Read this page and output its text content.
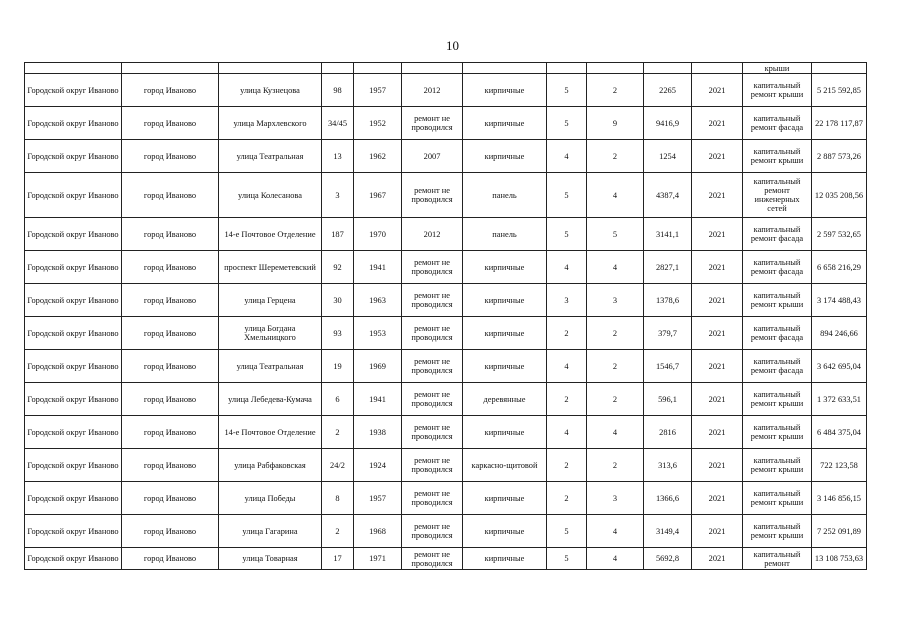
10
											крыши	
Городской округ Иваново	город Иваново	улица Кузнецова	98	1957	2012	кирпичные	5	2	2265	2021	капитальный ремонт крыши	5 215 592,85
Городской округ Иваново	город Иваново	улица Мархлевского	34/45	1952	ремонт не проводился	кирпичные	5	9	9416,9	2021	капитальный ремонт фасада	22 178 117,87
Городской округ Иваново	город Иваново	улица Театральная	13	1962	2007	кирпичные	4	2	1254	2021	капитальный ремонт крыши	2 887 573,26
Городской округ Иваново	город Иваново	улица Колесанова	3	1967	ремонт не проводился	панель	5	4	4387,4	2021	капитальный ремонт инженерных сетей	12 035 208,56
Городской округ Иваново	город Иваново	14-е Почтовое Отделение	187	1970	2012	панель	5	5	3141,1	2021	капитальный ремонт фасада	2 597 532,65
Городской округ Иваново	город Иваново	проспект Шереметевский	92	1941	ремонт не проводился	кирпичные	4	4	2827,1	2021	капитальный ремонт фасада	6 658 216,29
Городской округ Иваново	город Иваново	улица Герцена	30	1963	ремонт не проводился	кирпичные	3	3	1378,6	2021	капитальный ремонт крыши	3 174 488,43
Городской округ Иваново	город Иваново	улица Богдана Хмельницкого	93	1953	ремонт не проводился	кирпичные	2	2	379,7	2021	капитальный ремонт фасада	894 246,66
Городской округ Иваново	город Иваново	улица Театральная	19	1969	ремонт не проводился	кирпичные	4	2	1546,7	2021	капитальный ремонт фасада	3 642 695,04
Городской округ Иваново	город Иваново	улица Лебедева-Кумача	6	1941	ремонт не проводился	деревянные	2	2	596,1	2021	капитальный ремонт крыши	1 372 633,51
Городской округ Иваново	город Иваново	14-е Почтовое Отделение	2	1938	ремонт не проводился	кирпичные	4	4	2816	2021	капитальный ремонт крыши	6 484 375,04
Городской округ Иваново	город Иваново	улица Рабфаковская	24/2	1924	ремонт не проводился	каркасно-щитовой	2	2	313,6	2021	капитальный ремонт крыши	722 123,58
Городской округ Иваново	город Иваново	улица Победы	8	1957	ремонт не проводился	кирпичные	2	3	1366,6	2021	капитальный ремонт крыши	3 146 856,15
Городской округ Иваново	город Иваново	улица Гагарина	2	1968	ремонт не проводился	кирпичные	5	4	3149,4	2021	капитальный ремонт крыши	7 252 091,89
Городской округ Иваново	город Иваново	улица Товарная	17	1971	ремонт не проводился	кирпичные	5	4	5692,8	2021	капитальный ремонт	13 108 753,63
